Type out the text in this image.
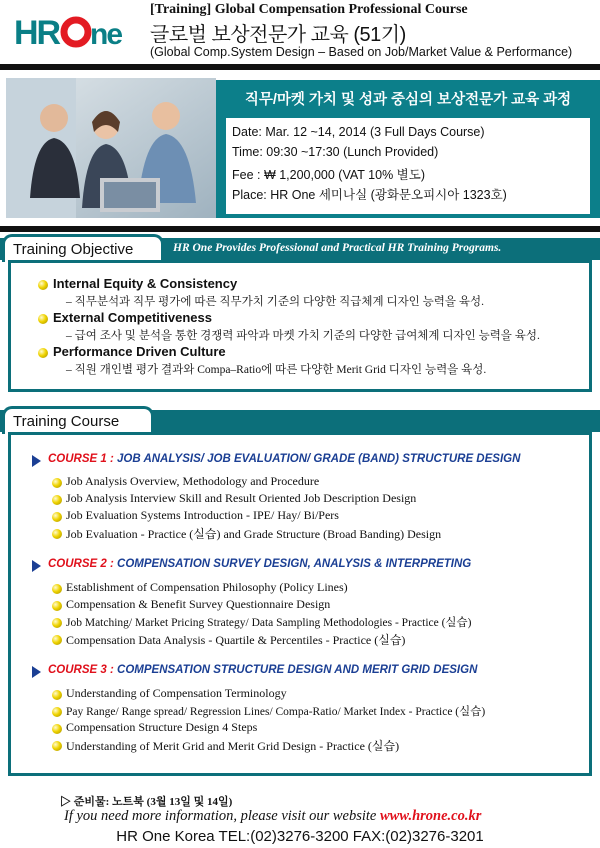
HR ne
[Training] Global Compensation Professional Course
글로벌 보상전문가 교육 (51기)
(Global Comp.System Design – Based on Job/Market Value & Performance)
직무/마켓 가치 및 성과 중심의 보상전문가 교육 과정
Date: Mar. 12 ~14, 2014 (3 Full Days Course)
Time: 09:30 ~17:30 (Lunch Provided)
Fee : ₩ 1,200,000 (VAT 10% 별도)
Place: HR One 세미나실 (광화문오피시아 1323호)
Training Objective	HR One Provides Professional and Practical HR Training Programs.
Internal Equity & Consistency
– 직무분석과 직무 평가에 따른 직무가치 기준의 다양한 직급체계 디자인 능력을 육성.
External Competitiveness
– 급여 조사 및 분석을 통한 경쟁력 파악과 마켓 가치 기준의 다양한 급여체계 디자인 능력을 육성.
Performance Driven Culture
– 직원 개인별 평가 결과와 Compa–Ratio에 따른 다양한 Merit Grid 디자인 능력을 육성.
Training Course
COURSE 1 : JOB ANALYSIS/ JOB EVALUATION/ GRADE (BAND) STRUCTURE DESIGN
Job Analysis Overview, Methodology and Procedure
Job Analysis Interview Skill and Result Oriented Job Description Design
Job Evaluation Systems Introduction - IPE/ Hay/ Bi/Pers
Job Evaluation - Practice (실습) and Grade Structure (Broad Banding) Design
COURSE 2 : COMPENSATION SURVEY DESIGN, ANALYSIS & INTERPRETING
Establishment of Compensation Philosophy (Policy Lines)
Compensation & Benefit Survey Questionnaire Design
Job Matching/ Market Pricing Strategy/ Data Sampling Methodologies - Practice (실습)
Compensation Data Analysis - Quartile & Percentiles - Practice (실습)
COURSE 3 : COMPENSATION STRUCTURE DESIGN AND MERIT GRID DESIGN
Understanding of Compensation Terminology
Pay Range/ Range spread/ Regression Lines/ Compa-Ratio/ Market Index - Practice (실습)
Compensation Structure Design 4 Steps
Understanding of Merit Grid and Merit Grid Design - Practice (실습)
▷ 준비물: 노트북 (3월 13일 및 14일)
If you need more information, please visit our website www.hrone.co.kr
HR One Korea TEL:(02)3276-3200 FAX:(02)3276-3201
